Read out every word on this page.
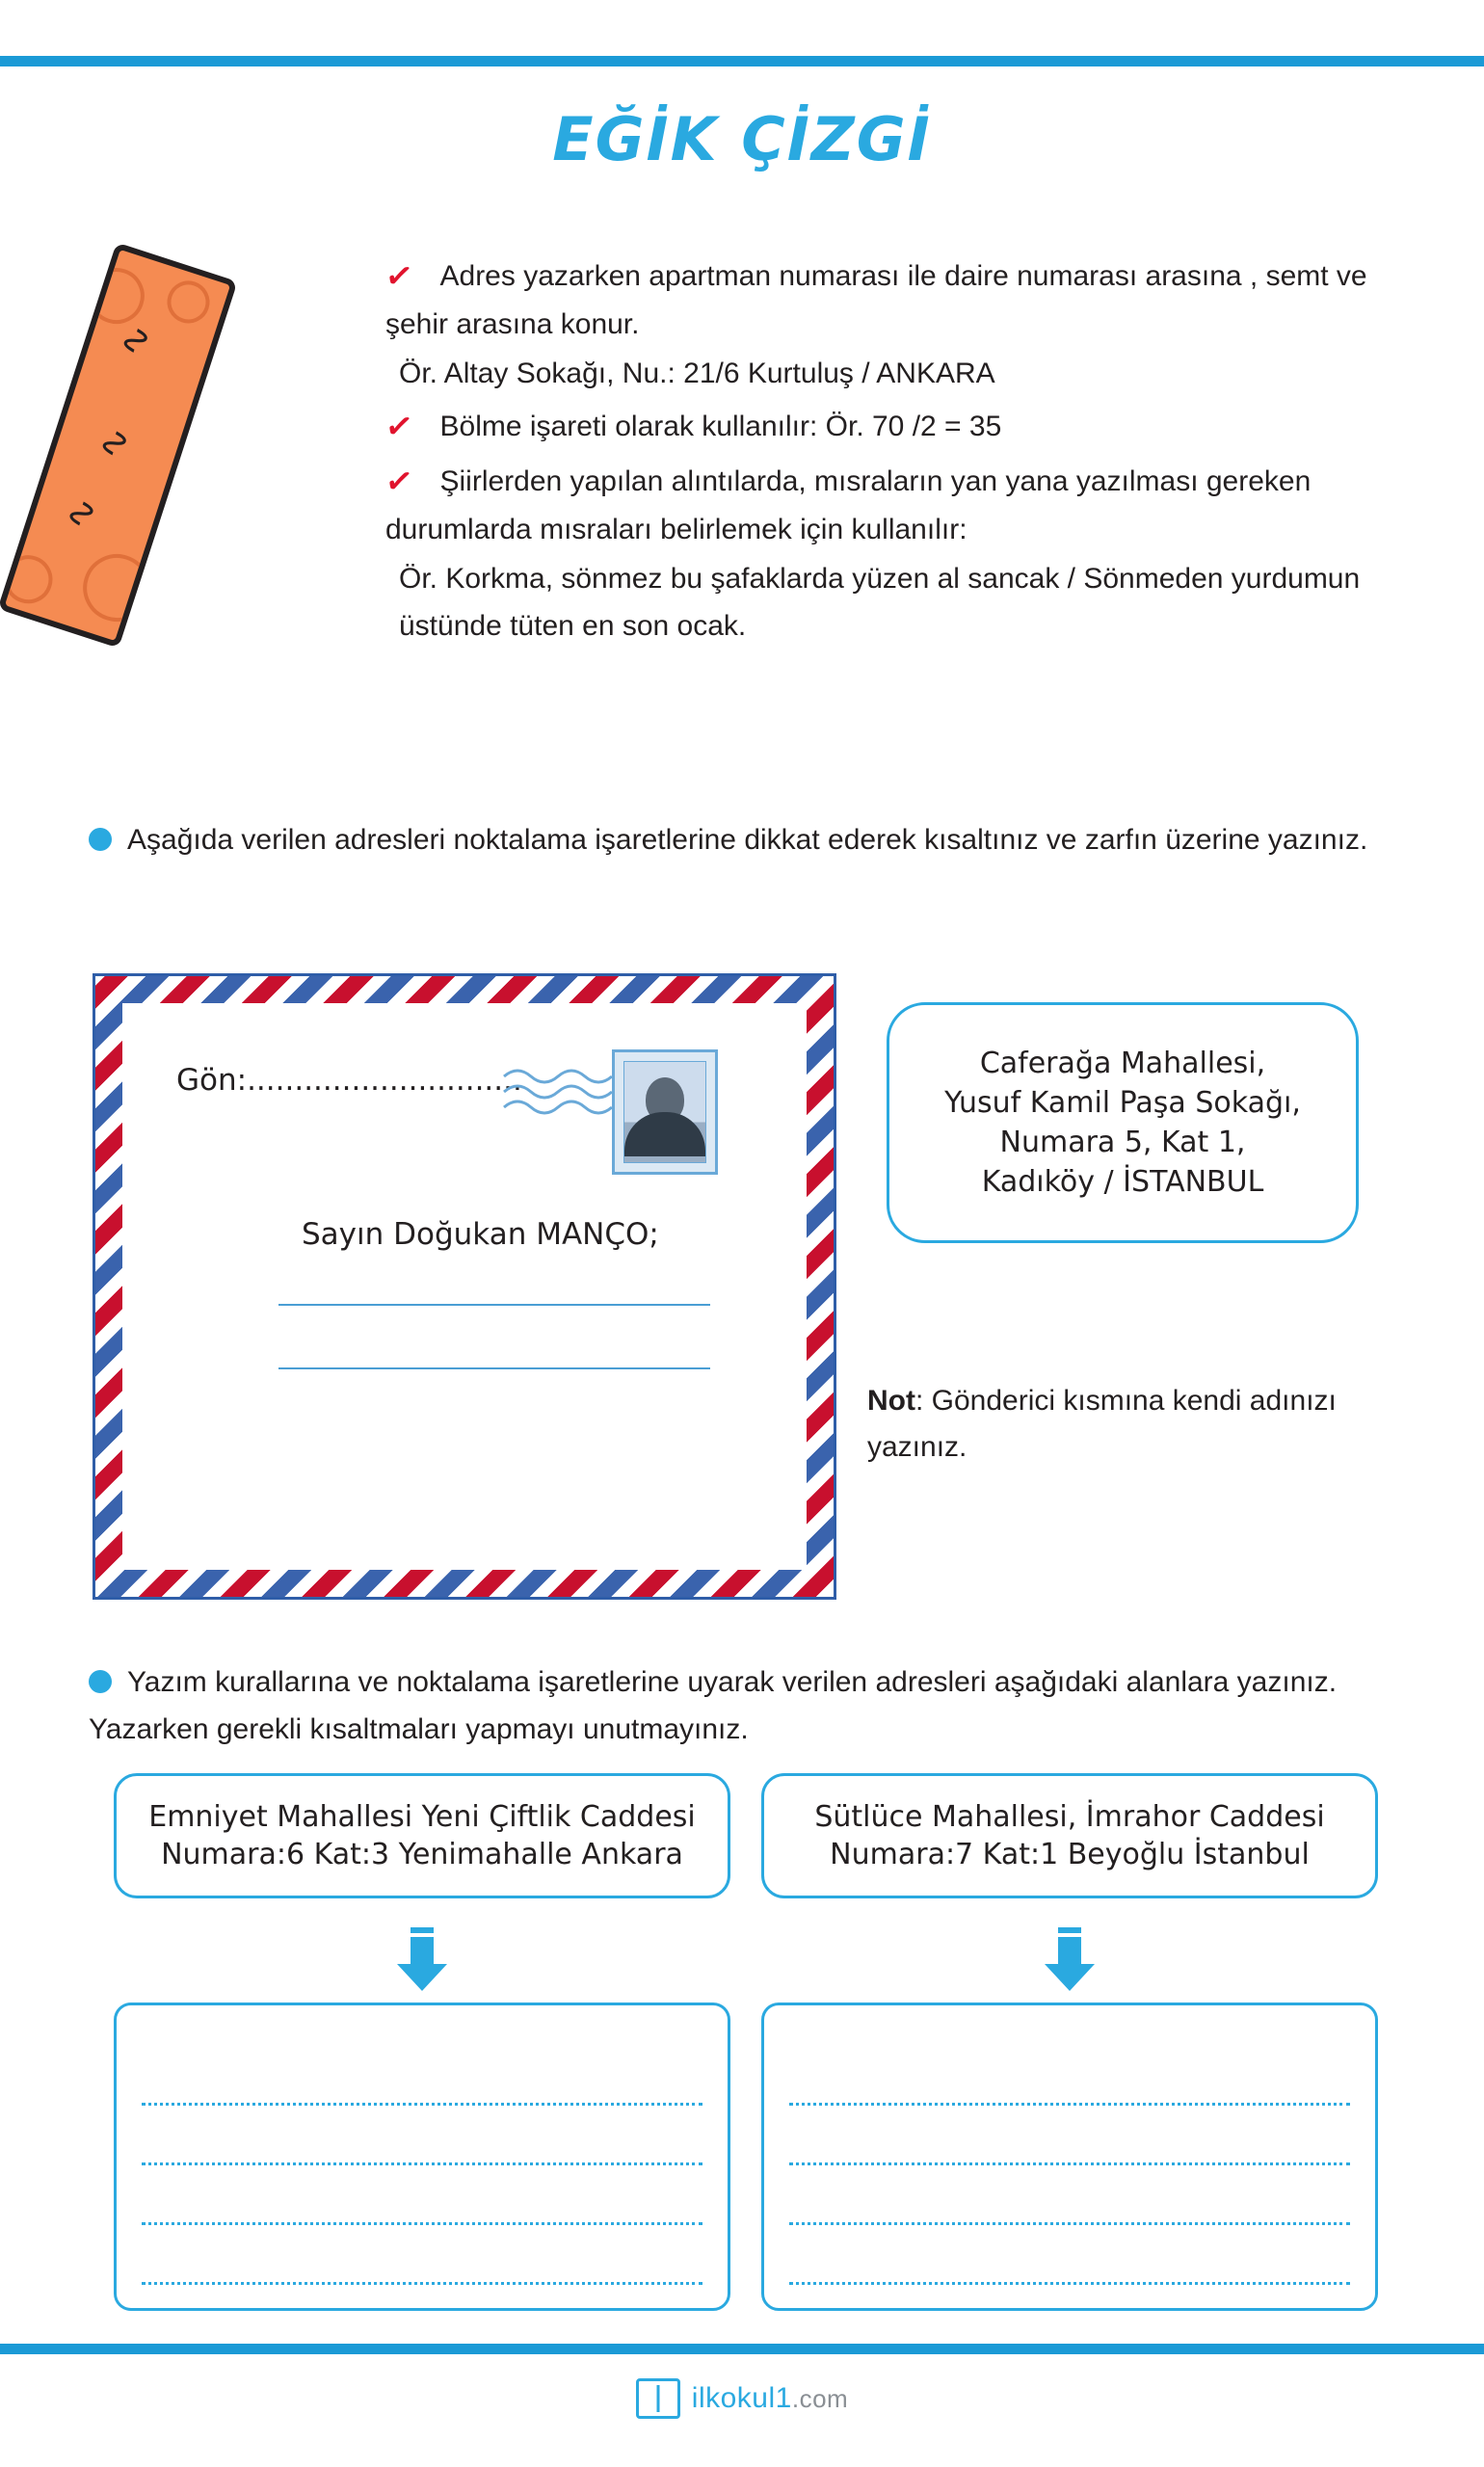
EĞİK ÇİZGİ
∿
∿
∿

✓ Adres yazarken apartman numarası ile daire numarası arasına , semt ve şehir arasına konur.

Ör. Altay Sokağı, Nu.: 21/6 Kurtuluş / ANKARA

✓ Bölme işareti olarak kullanılır: Ör. 70 /2 = 35

✓ Şiirlerden yapılan alıntılarda, mısraların yan yana yazılması gereken durumlarda mısraları belirlemek için kullanılır:

Ör. Korkma, sönmez bu şafaklarda yüzen al sancak / Sönmeden yurdumun üstünde tüten en son ocak.

Aşağıda verilen adresleri noktalama işaretlerine dikkat ederek kısaltınız ve zarfın üzerine yazınız.
Gön:.............................
Sayın Doğukan MANÇO;
Caferağa Mahallesi,
Yusuf Kamil Paşa Sokağı,
Numara 5, Kat 1,
Kadıköy / İSTANBUL
Not: Gönderici kısmına kendi adınızı yazınız.
Yazım kurallarına ve noktalama işaretlerine uyarak verilen adresleri aşağıdaki alanlara yazınız. Yazarken gerekli kısaltmaları yapmayı unutmayınız.
Emniyet Mahallesi Yeni Çiftlik Caddesi
Numara:6 Kat:3 Yenimahalle Ankara
Sütlüce Mahallesi, İmrahor Caddesi
Numara:7 Kat:1 Beyoğlu İstanbul
ilkokul1.com
